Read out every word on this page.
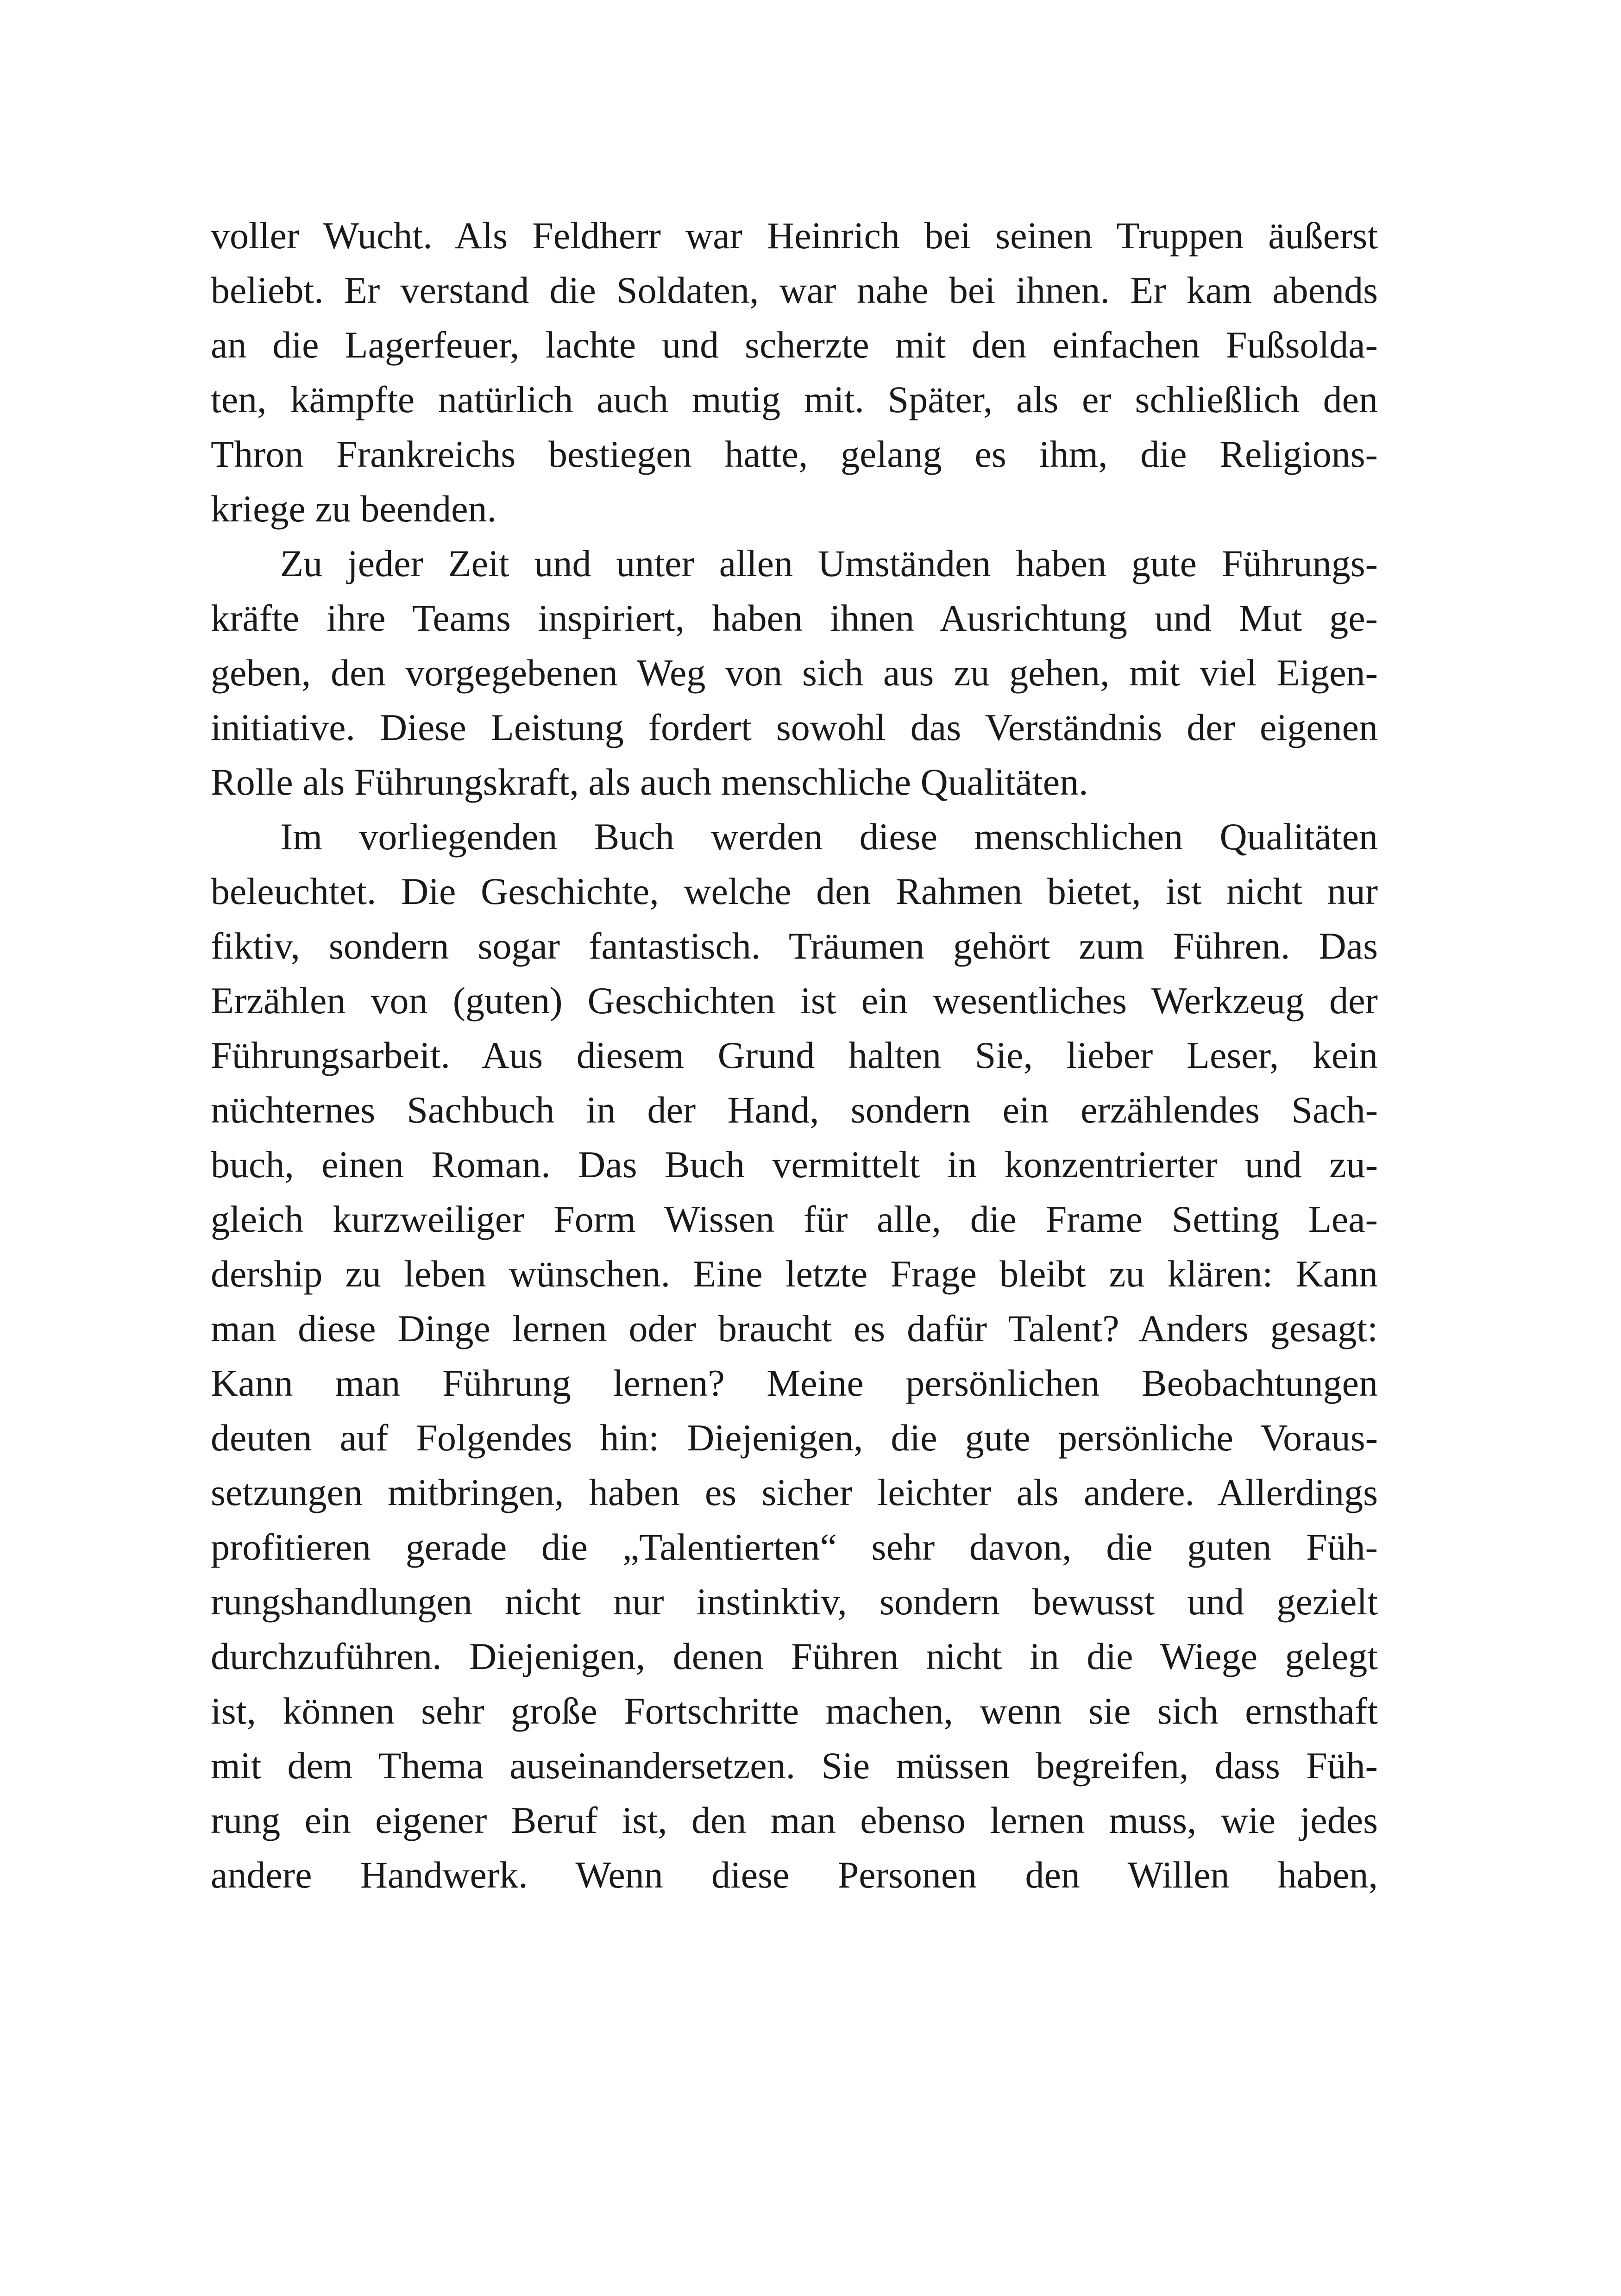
voller Wucht. Als Feldherr war Heinrich bei seinen Truppen äußerst
beliebt. Er verstand die Soldaten, war nahe bei ihnen. Er kam abends
an die Lagerfeuer, lachte und scherzte mit den einfachen Fußsolda-
ten, kämpfte natürlich auch mutig mit. Später, als er schließlich den
Thron Frankreichs bestiegen hatte, gelang es ihm, die Religions-
kriege zu beenden.
Zu jeder Zeit und unter allen Umständen haben gute Führungs-
kräfte ihre Teams inspiriert, haben ihnen Ausrichtung und Mut ge-
geben, den vorgegebenen Weg von sich aus zu gehen, mit viel Eigen-
initiative. Diese Leistung fordert sowohl das Verständnis der eigenen
Rolle als Führungskraft, als auch menschliche Qualitäten.
Im vorliegenden Buch werden diese menschlichen Qualitäten
beleuchtet. Die Geschichte, welche den Rahmen bietet, ist nicht nur
fiktiv, sondern sogar fantastisch. Träumen gehört zum Führen. Das
Erzählen von (guten) Geschichten ist ein wesentliches Werkzeug der
Führungsarbeit. Aus diesem Grund halten Sie, lieber Leser, kein
nüchternes Sachbuch in der Hand, sondern ein erzählendes Sach-
buch, einen Roman. Das Buch vermittelt in konzentrierter und zu-
gleich kurzweiliger Form Wissen für alle, die Frame Setting Lea-
dership zu leben wünschen. Eine letzte Frage bleibt zu klären: Kann
man diese Dinge lernen oder braucht es dafür Talent? Anders gesagt:
Kann man Führung lernen? Meine persönlichen Beobachtungen
deuten auf Folgendes hin: Diejenigen, die gute persönliche Voraus-
setzungen mitbringen, haben es sicher leichter als andere. Allerdings
profitieren gerade die „Talentierten“ sehr davon, die guten Füh-
rungshandlungen nicht nur instinktiv, sondern bewusst und gezielt
durchzuführen. Diejenigen, denen Führen nicht in die Wiege gelegt
ist, können sehr große Fortschritte machen, wenn sie sich ernsthaft
mit dem Thema auseinandersetzen. Sie müssen begreifen, dass Füh-
rung ein eigener Beruf ist, den man ebenso lernen muss, wie jedes
andere Handwerk. Wenn diese Personen den Willen haben,
